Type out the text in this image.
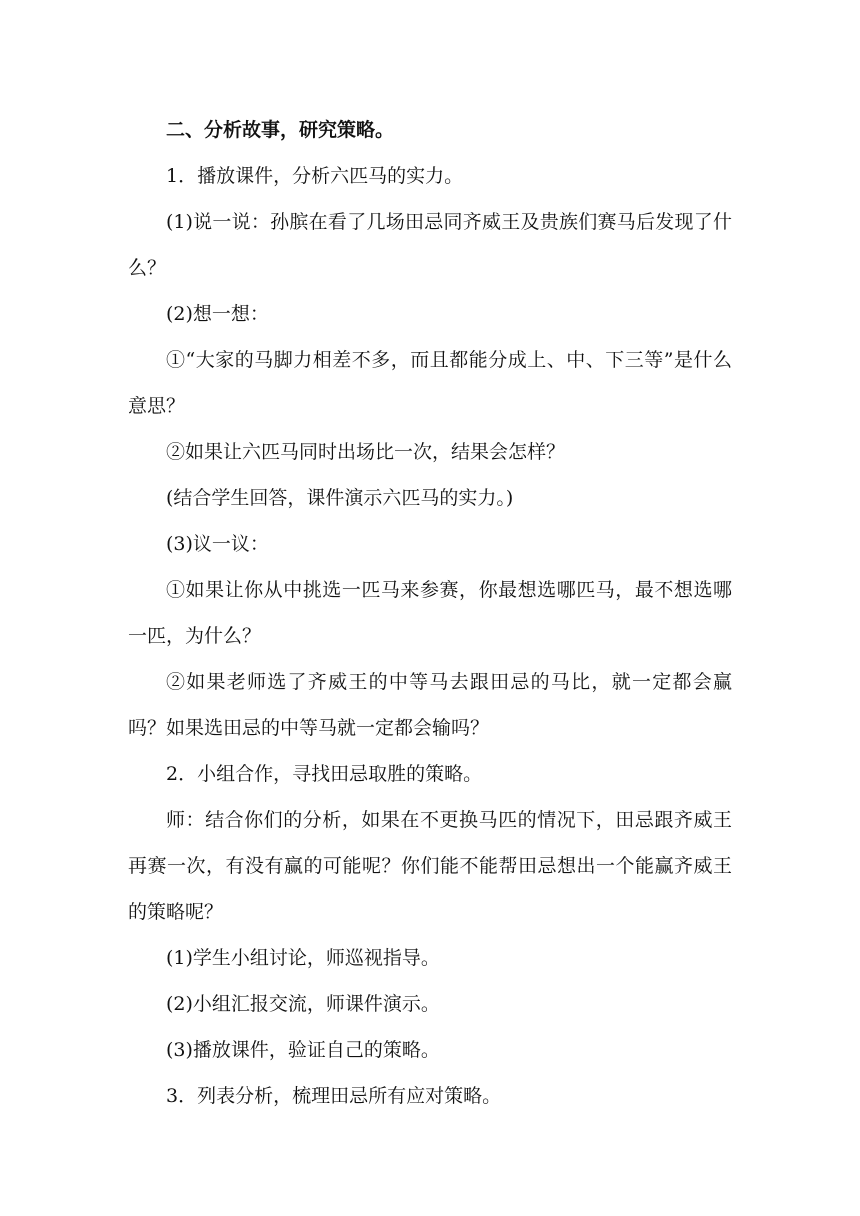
二、分析故事，研究策略。

1．播放课件，分析六匹马的实力。

(1)说一说：孙膑在看了几场田忌同齐威王及贵族们赛马后发现了什么？

(2)想一想：

①“大家的马脚力相差不多，而且都能分成上、中、下三等”是什么意思？

②如果让六匹马同时出场比一次，结果会怎样？

(结合学生回答，课件演示六匹马的实力。)

(3)议一议：

①如果让你从中挑选一匹马来参赛，你最想选哪匹马，最不想选哪一匹，为什么？

②如果老师选了齐威王的中等马去跟田忌的马比，就一定都会赢吗？如果选田忌的中等马就一定都会输吗？

2．小组合作，寻找田忌取胜的策略。

师：结合你们的分析，如果在不更换马匹的情况下，田忌跟齐威王再赛一次，有没有赢的可能呢？你们能不能帮田忌想出一个能赢齐威王的策略呢？

(1)学生小组讨论，师巡视指导。

(2)小组汇报交流，师课件演示。

(3)播放课件，验证自己的策略。

3．列表分析，梳理田忌所有应对策略。
